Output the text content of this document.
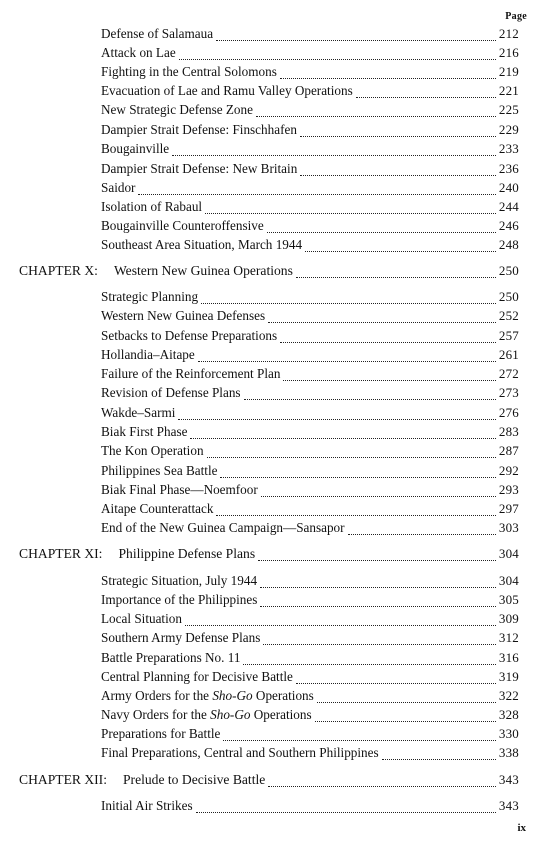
Page
Defense of Salamaua	212
Attack on Lae	216
Fighting in the Central Solomons	219
Evacuation of Lae and Ramu Valley Operations	221
New Strategic Defense Zone	225
Dampier Strait Defense: Finschhafen	229
Bougainville	233
Dampier Strait Defense: New Britain	236
Saidor	240
Isolation of Rabaul	244
Bougainville Counteroffensive	246
Southeast Area Situation, March 1944	248
CHAPTER X: Western New Guinea Operations	250
Strategic Planning	250
Western New Guinea Defenses	252
Setbacks to Defense Preparations	257
Hollandia–Aitape	261
Failure of the Reinforcement Plan	272
Revision of Defense Plans	273
Wakde–Sarmi	276
Biak First Phase	283
The Kon Operation	287
Philippines Sea Battle	292
Biak Final Phase—Noemfoor	293
Aitape Counterattack	297
End of the New Guinea Campaign—Sansapor	303
CHAPTER XI: Philippine Defense Plans	304
Strategic Situation, July 1944	304
Importance of the Philippines	305
Local Situation	309
Southern Army Defense Plans	312
Battle Preparations No. 11	316
Central Planning for Decisive Battle	319
Army Orders for the Sho-Go Operations	322
Navy Orders for the Sho-Go Operations	328
Preparations for Battle	330
Final Preparations, Central and Southern Philippines	338
CHAPTER XII: Prelude to Decisive Battle	343
Initial Air Strikes	343
ix
